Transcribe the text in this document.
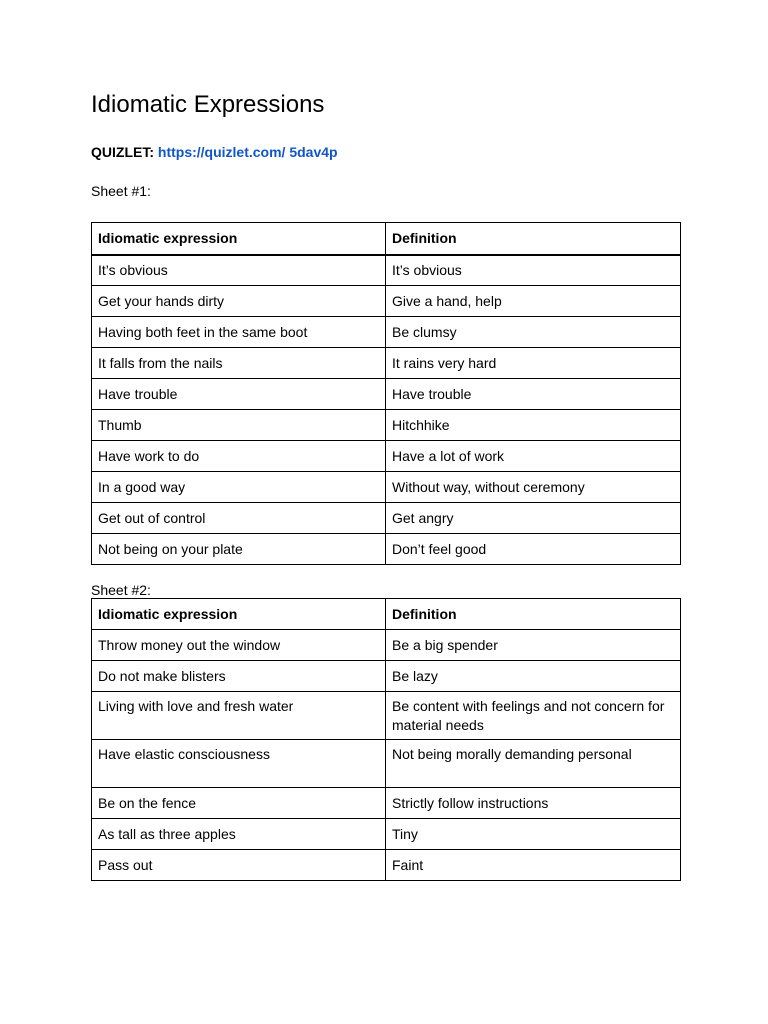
Idiomatic Expressions
QUIZLET: https://quizlet.com/ 5dav4p
Sheet #1:
Idiomatic expression	Definition
It’s obvious	It’s obvious
Get your hands dirty	Give a hand, help
Having both feet in the same boot	Be clumsy
It falls from the nails	It rains very hard
Have trouble	Have trouble
Thumb	Hitchhike
Have work to do	Have a lot of work
In a good way	Without way, without ceremony
Get out of control	Get angry
Not being on your plate	Don’t feel good
Sheet #2:
Idiomatic expression	Definition
Throw money out the window	Be a big spender
Do not make blisters	Be lazy
Living with love and fresh water	Be content with feelings and not concern for material needs
Have elastic consciousness	Not being morally demanding personal
Be on the fence	Strictly follow instructions
As tall as three apples	Tiny
Pass out	Faint
